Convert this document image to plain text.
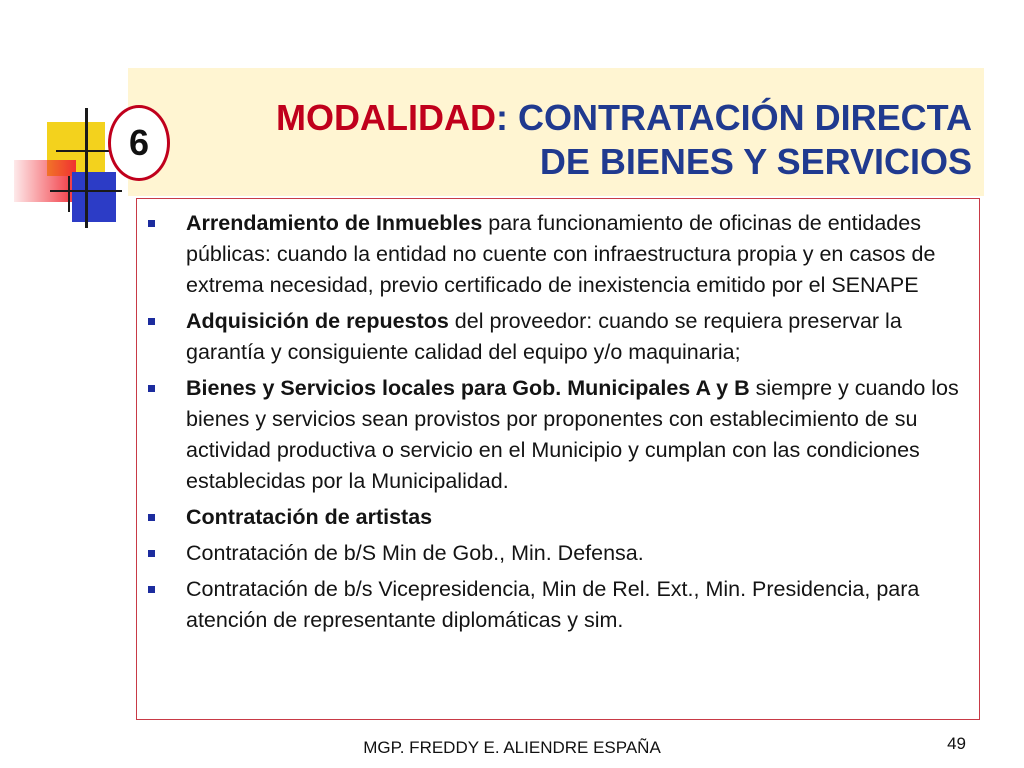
6
MODALIDAD: CONTRATACIÓN DIRECTA
DE BIENES Y SERVICIOS
Arrendamiento de Inmuebles para funcionamiento de oficinas de entidades públicas: cuando la entidad no cuente con infraestructura propia y en casos de extrema necesidad, previo certificado de inexistencia emitido por el SENAPE
Adquisición de repuestos del proveedor: cuando se requiera preservar la garantía y consiguiente calidad del equipo y/o maquinaria;
Bienes y Servicios locales para Gob. Municipales A y B siempre y cuando los bienes y servicios sean provistos por proponentes con establecimiento de su actividad productiva o servicio en el Municipio y cumplan con las condiciones establecidas por la Municipalidad.
Contratación de artistas
Contratación de b/S Min de Gob., Min. Defensa.
Contratación de b/s Vicepresidencia, Min de Rel. Ext., Min. Presidencia, para atención de representante diplomáticas y sim.
MGP. FREDDY E. ALIENDRE ESPAÑA	49
